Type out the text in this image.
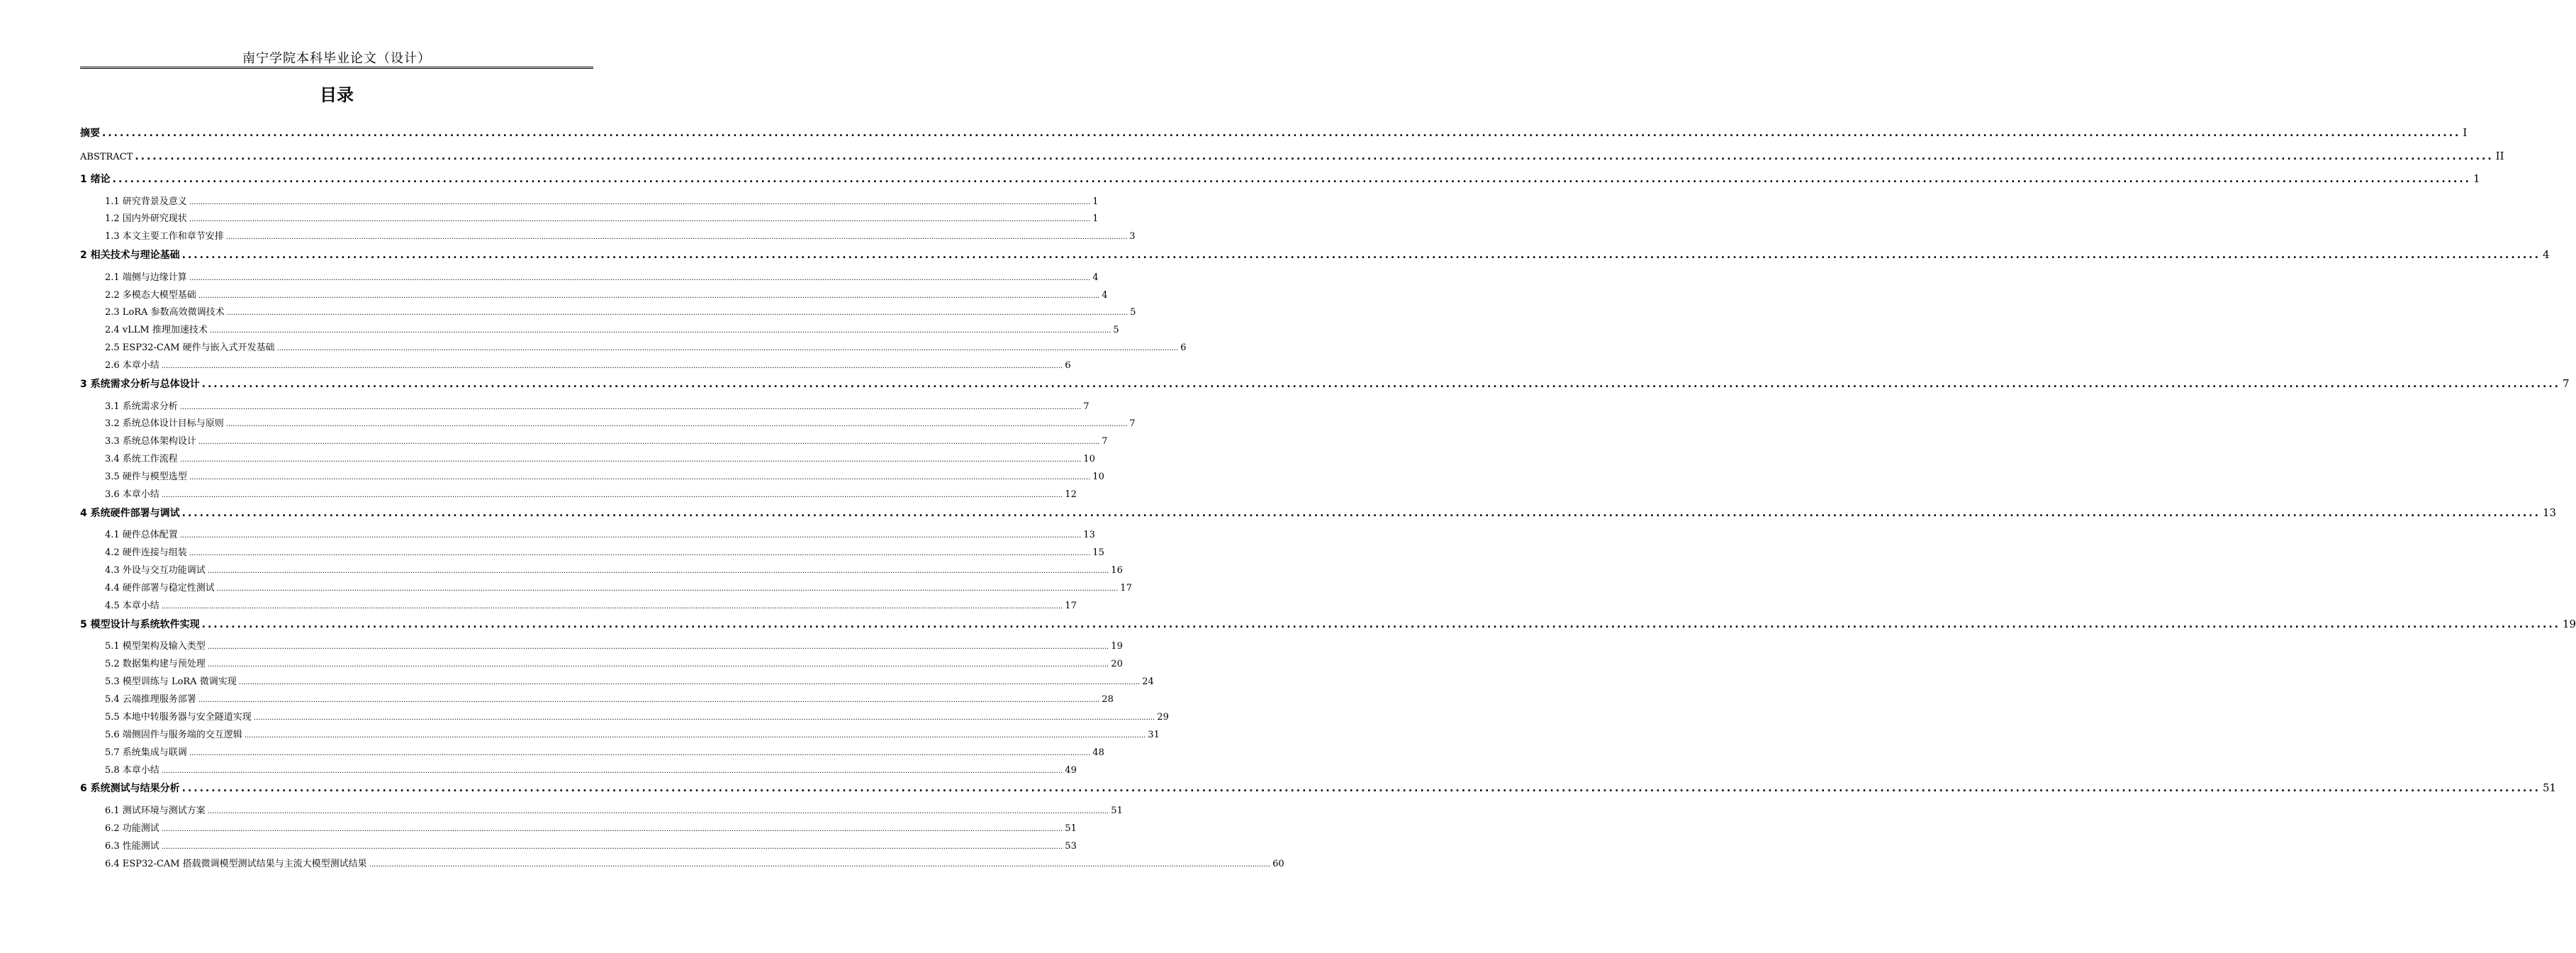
南宁学院本科毕业论文（设计）
目录
摘要 ................................................................................................................................................................................................................................................................................................................................................................................................................ I
ABSTRACT ................................................................................................................................................................................................................................................................................................................................................................................................................ II
1 绪论 ................................................................................................................................................................................................................................................................................................................................................................................................................ 1
1.1 研究背景及意义 ................................................................................................................................................................................................................................................................................................................................................................................................................ 1
1.2 国内外研究现状 ................................................................................................................................................................................................................................................................................................................................................................................................................ 1
1.3 本文主要工作和章节安排 ................................................................................................................................................................................................................................................................................................................................................................................................................ 3
2 相关技术与理论基础 ................................................................................................................................................................................................................................................................................................................................................................................................................ 4
2.1 端侧与边缘计算 ................................................................................................................................................................................................................................................................................................................................................................................................................ 4
2.2 多模态大模型基础 ................................................................................................................................................................................................................................................................................................................................................................................................................ 4
2.3 LoRA 参数高效微调技术 ................................................................................................................................................................................................................................................................................................................................................................................................................ 5
2.4 vLLM 推理加速技术 ................................................................................................................................................................................................................................................................................................................................................................................................................ 5
2.5 ESP32-CAM 硬件与嵌入式开发基础 ................................................................................................................................................................................................................................................................................................................................................................................................................ 6
2.6 本章小结 ................................................................................................................................................................................................................................................................................................................................................................................................................ 6
3 系统需求分析与总体设计 ................................................................................................................................................................................................................................................................................................................................................................................................................ 7
3.1 系统需求分析 ................................................................................................................................................................................................................................................................................................................................................................................................................ 7
3.2 系统总体设计目标与原则 ................................................................................................................................................................................................................................................................................................................................................................................................................ 7
3.3 系统总体架构设计 ................................................................................................................................................................................................................................................................................................................................................................................................................ 7
3.4 系统工作流程 ................................................................................................................................................................................................................................................................................................................................................................................................................ 10
3.5 硬件与模型选型 ................................................................................................................................................................................................................................................................................................................................................................................................................ 10
3.6 本章小结 ................................................................................................................................................................................................................................................................................................................................................................................................................ 12
4 系统硬件部署与调试 ................................................................................................................................................................................................................................................................................................................................................................................................................ 13
4.1 硬件总体配置 ................................................................................................................................................................................................................................................................................................................................................................................................................ 13
4.2 硬件连接与组装 ................................................................................................................................................................................................................................................................................................................................................................................................................ 15
4.3 外设与交互功能调试 ................................................................................................................................................................................................................................................................................................................................................................................................................ 16
4.4 硬件部署与稳定性测试 ................................................................................................................................................................................................................................................................................................................................................................................................................ 17
4.5 本章小结 ................................................................................................................................................................................................................................................................................................................................................................................................................ 17
5 模型设计与系统软件实现 ................................................................................................................................................................................................................................................................................................................................................................................................................ 19
5.1 模型架构及输入类型 ................................................................................................................................................................................................................................................................................................................................................................................................................ 19
5.2 数据集构建与预处理 ................................................................................................................................................................................................................................................................................................................................................................................................................ 20
5.3 模型训练与 LoRA 微调实现 ................................................................................................................................................................................................................................................................................................................................................................................................................ 24
5.4 云端推理服务部署 ................................................................................................................................................................................................................................................................................................................................................................................................................ 28
5.5 本地中转服务器与安全隧道实现 ................................................................................................................................................................................................................................................................................................................................................................................................................ 29
5.6 端侧固件与服务端的交互逻辑 ................................................................................................................................................................................................................................................................................................................................................................................................................ 31
5.7 系统集成与联调 ................................................................................................................................................................................................................................................................................................................................................................................................................ 48
5.8 本章小结 ................................................................................................................................................................................................................................................................................................................................................................................................................ 49
6 系统测试与结果分析 ................................................................................................................................................................................................................................................................................................................................................................................................................ 51
6.1 测试环境与测试方案 ................................................................................................................................................................................................................................................................................................................................................................................................................ 51
6.2 功能测试 ................................................................................................................................................................................................................................................................................................................................................................................................................ 51
6.3 性能测试 ................................................................................................................................................................................................................................................................................................................................................................................................................ 53
6.4 ESP32-CAM 搭载微调模型测试结果与主流大模型测试结果 ................................................................................................................................................................................................................................................................................................................................................................................................................ 60
